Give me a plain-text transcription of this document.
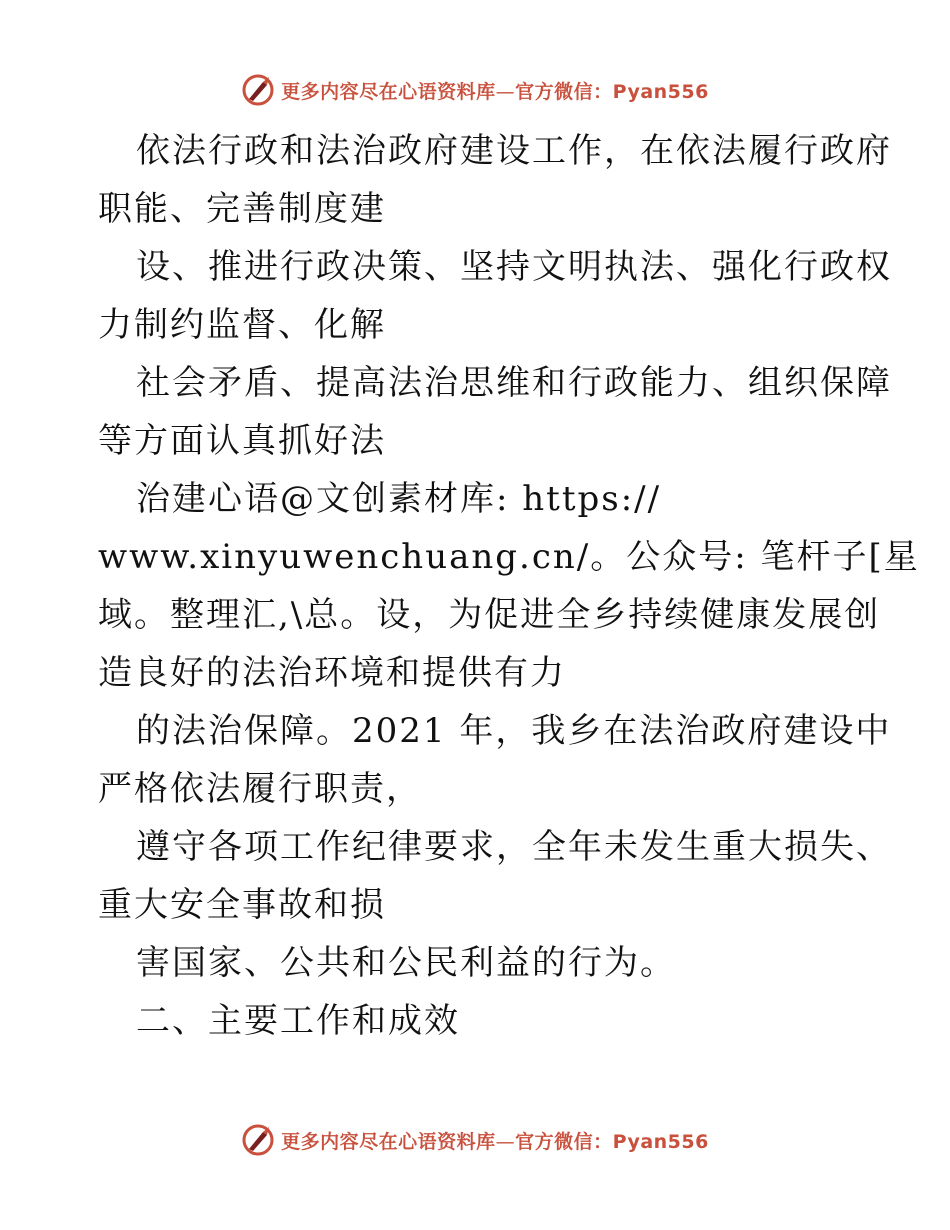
更多内容尽在心语资料库—官方微信：Pyan556
依法行政和法治政府建设工作，在依法履行政府
职能、完善制度建
设、推进行政决策、坚持文明执法、强化行政权
力制约监督、化解
社会矛盾、提高法治思维和行政能力、组织保障
等方面认真抓好法
治建心语@文创素材库: https://
www.xinyuwenchuang.cn/。公众号: 笔杆子[星
域。整理汇,\总。设，为促进全乡持续健康发展创
造良好的法治环境和提供有力
的法治保障。2021 年，我乡在法治政府建设中
严格依法履行职责，
遵守各项工作纪律要求，全年未发生重大损失、
重大安全事故和损
害国家、公共和公民利益的行为。
二、主要工作和成效
更多内容尽在心语资料库—官方微信：Pyan556
